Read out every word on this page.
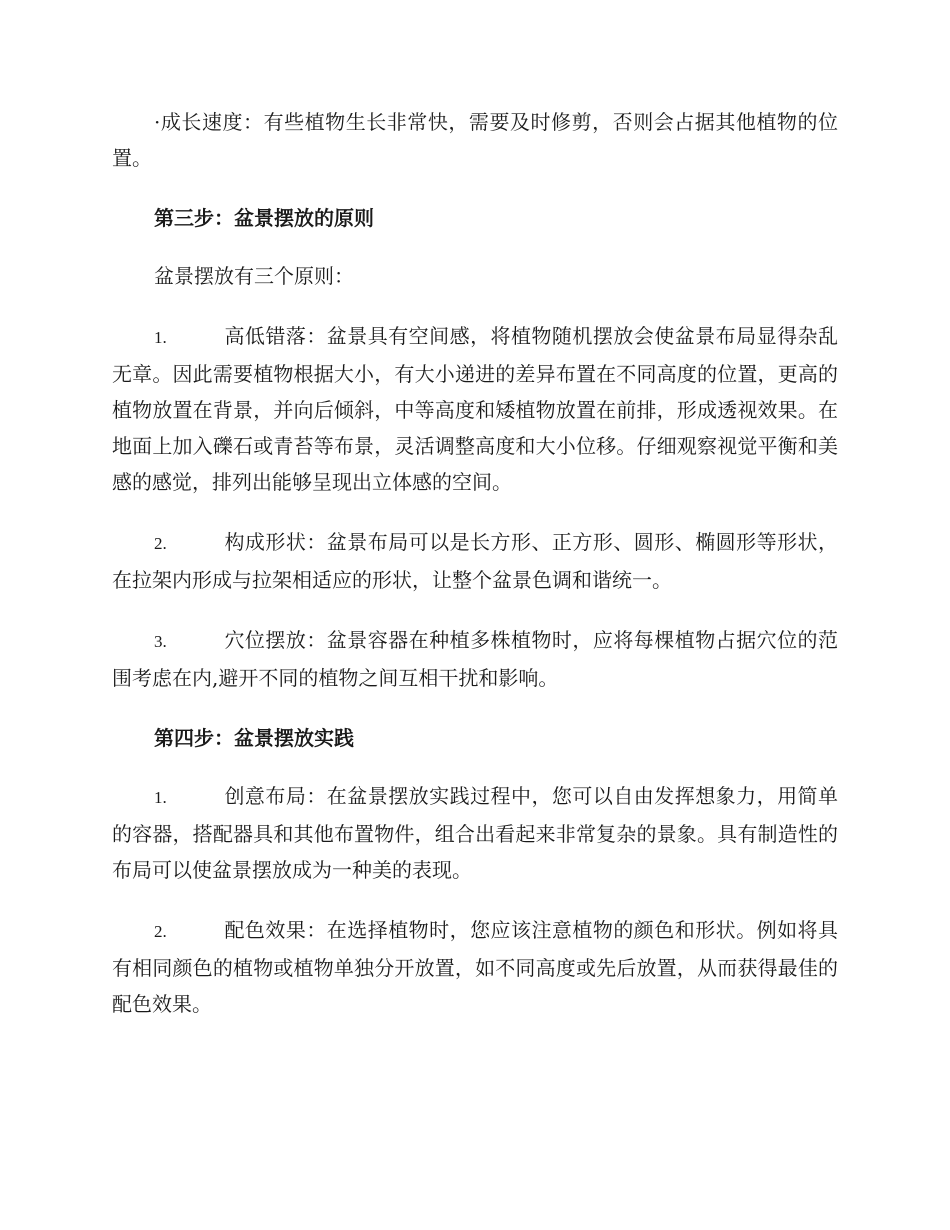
·成长速度：有些植物生长非常快，需要及时修剪，否则会占据其他植物的位置。

第三步：盆景摆放的原则

盆景摆放有三个原则：

1.	高低错落：盆景具有空间感，将植物随机摆放会使盆景布局显得杂乱无章。因此需要植物根据大小，有大小递进的差异布置在不同高度的位置，更高的植物放置在背景，并向后倾斜，中等高度和矮植物放置在前排，形成透视效果。在地面上加入礫石或青苔等布景，灵活调整高度和大小位移。仔细观察视觉平衡和美感的感觉，排列出能够呈现出立体感的空间。

2.	构成形状：盆景布局可以是长方形、正方形、圆形、椭圆形等形状，在拉架内形成与拉架相适应的形状，让整个盆景色调和谐统一。

3.	穴位摆放：盆景容器在种植多株植物时，应将每棵植物占据穴位的范围考虑在内,避开不同的植物之间互相干扰和影响。

第四步：盆景摆放实践

1.	创意布局：在盆景摆放实践过程中，您可以自由发挥想象力，用简单的容器，搭配器具和其他布置物件，组合出看起来非常复杂的景象。具有制造性的布局可以使盆景摆放成为一种美的表现。

2.	配色效果：在选择植物时，您应该注意植物的颜色和形状。例如将具有相同颜色的植物或植物单独分开放置，如不同高度或先后放置，从而获得最佳的配色效果。
